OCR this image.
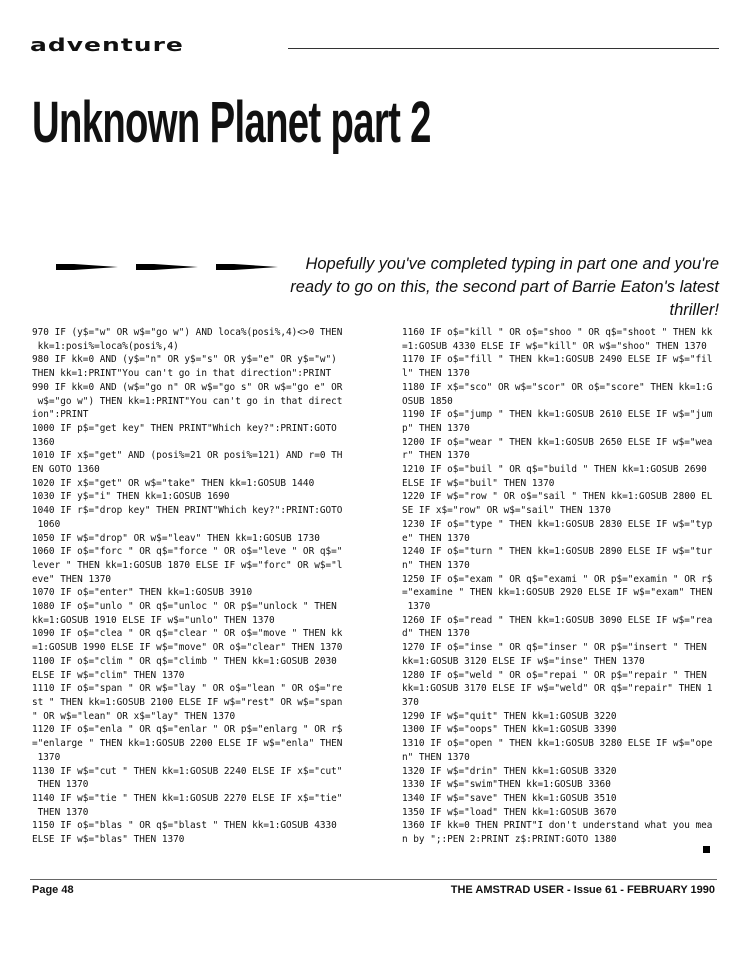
adventure
Unknown Planet part 2
Hopefully you've completed typing in part one and you're ready to go on this, the second part of Barrie Eaton's latest thriller!
970 IF (y$="w" OR w$="go w") AND loca%(posi%,4)<>0 THEN
kk=1:posi%=loca%(posi%,4)
980 IF kk=0 AND (y$="n" OR y$="s" OR y$="e" OR y$="w")
THEN kk=1:PRINT"You can't go in that direction":PRINT
990 IF kk=0 AND (w$="go n" OR w$="go s" OR w$="go e" OR
w$="go w") THEN kk=1:PRINT"You can't go in that direct
ion":PRINT
1000 IF p$="get key" THEN PRINT"Which key?":PRINT:GOTO
1360
1010 IF x$="get" AND (posi%=21 OR posi%=121) AND r=0 TH
EN GOTO 1360
1020 IF x$="get" OR w$="take" THEN kk=1:GOSUB 1440
1030 IF y$="i" THEN kk=1:GOSUB 1690
1040 IF r$="drop key" THEN PRINT"Which key?":PRINT:GOTO
1060
1050 IF w$="drop" OR w$="leav" THEN kk=1:GOSUB 1730
1060 IF o$="forc " OR q$="force " OR o$="leve " OR q$="
lever " THEN kk=1:GOSUB 1870 ELSE IF w$="forc" OR w$="l
eve" THEN 1370
1070 IF o$="enter" THEN kk=1:GOSUB 3910
1080 IF o$="unlo " OR q$="unloc " OR p$="unlock " THEN
kk=1:GOSUB 1910 ELSE IF w$="unlo" THEN 1370
1090 IF o$="clea " OR q$="clear " OR o$="move " THEN kk
=1:GOSUB 1990 ELSE IF w$="move" OR o$="clear" THEN 1370
1100 IF o$="clim " OR q$="climb " THEN kk=1:GOSUB 2030
ELSE IF w$="clim" THEN 1370
1110 IF o$="span " OR w$="lay " OR o$="lean " OR o$="re
st " THEN kk=1:GOSUB 2100 ELSE IF w$="rest" OR w$="span
" OR w$="lean" OR x$="lay" THEN 1370
1120 IF o$="enla " OR q$="enlar " OR p$="enlarg " OR r$
="enlarge " THEN kk=1:GOSUB 2200 ELSE IF w$="enla" THEN
1370
1130 IF w$="cut " THEN kk=1:GOSUB 2240 ELSE IF x$="cut"
THEN 1370
1140 IF w$="tie " THEN kk=1:GOSUB 2270 ELSE IF x$="tie"
THEN 1370
1150 IF o$="blas " OR q$="blast " THEN kk=1:GOSUB 4330
ELSE IF w$="blas" THEN 1370
1160 IF o$="kill " OR o$="shoo " OR q$="shoot " THEN kk
=1:GOSUB 4330 ELSE IF w$="kill" OR w$="shoo" THEN 1370
1170 IF o$="fill " THEN kk=1:GOSUB 2490 ELSE IF w$="fil
l" THEN 1370
1180 IF x$="sco" OR w$="scor" OR o$="score" THEN kk=1:G
OSUB 1850
1190 IF o$="jump " THEN kk=1:GOSUB 2610 ELSE IF w$="jum
p" THEN 1370
1200 IF o$="wear " THEN kk=1:GOSUB 2650 ELSE IF w$="wea
r" THEN 1370
1210 IF o$="buil " OR q$="build " THEN kk=1:GOSUB 2690
ELSE IF w$="buil" THEN 1370
1220 IF w$="row " OR o$="sail " THEN kk=1:GOSUB 2800 EL
SE IF x$="row" OR w$="sail" THEN 1370
1230 IF o$="type " THEN kk=1:GOSUB 2830 ELSE IF w$="typ
e" THEN 1370
1240 IF o$="turn " THEN kk=1:GOSUB 2890 ELSE IF w$="tur
n" THEN 1370
1250 IF o$="exam " OR q$="exami " OR p$="examin " OR r$
="examine " THEN kk=1:GOSUB 2920 ELSE IF w$="exam" THEN
1370
1260 IF o$="read " THEN kk=1:GOSUB 3090 ELSE IF w$="rea
d" THEN 1370
1270 IF o$="inse " OR q$="inser " OR p$="insert " THEN
kk=1:GOSUB 3120 ELSE IF w$="inse" THEN 1370
1280 IF o$="weld " OR o$="repai " OR p$="repair " THEN
kk=1:GOSUB 3170 ELSE IF w$="weld" OR q$="repair" THEN 1
370
1290 IF w$="quit" THEN kk=1:GOSUB 3220
1300 IF w$="oops" THEN kk=1:GOSUB 3390
1310 IF o$="open " THEN kk=1:GOSUB 3280 ELSE IF w$="ope
n" THEN 1370
1320 IF w$="drin" THEN kk=1:GOSUB 3320
1330 IF w$="swim"THEN kk=1:GOSUB 3360
1340 IF w$="save" THEN kk=1:GOSUB 3510
1350 IF w$="load" THEN kk=1:GOSUB 3670
1360 IF kk=0 THEN PRINT"I don't understand what you mea
n by ";:PEN 2:PRINT z$:PRINT:GOTO 1380
Page 48	THE AMSTRAD USER - Issue 61 - FEBRUARY 1990
